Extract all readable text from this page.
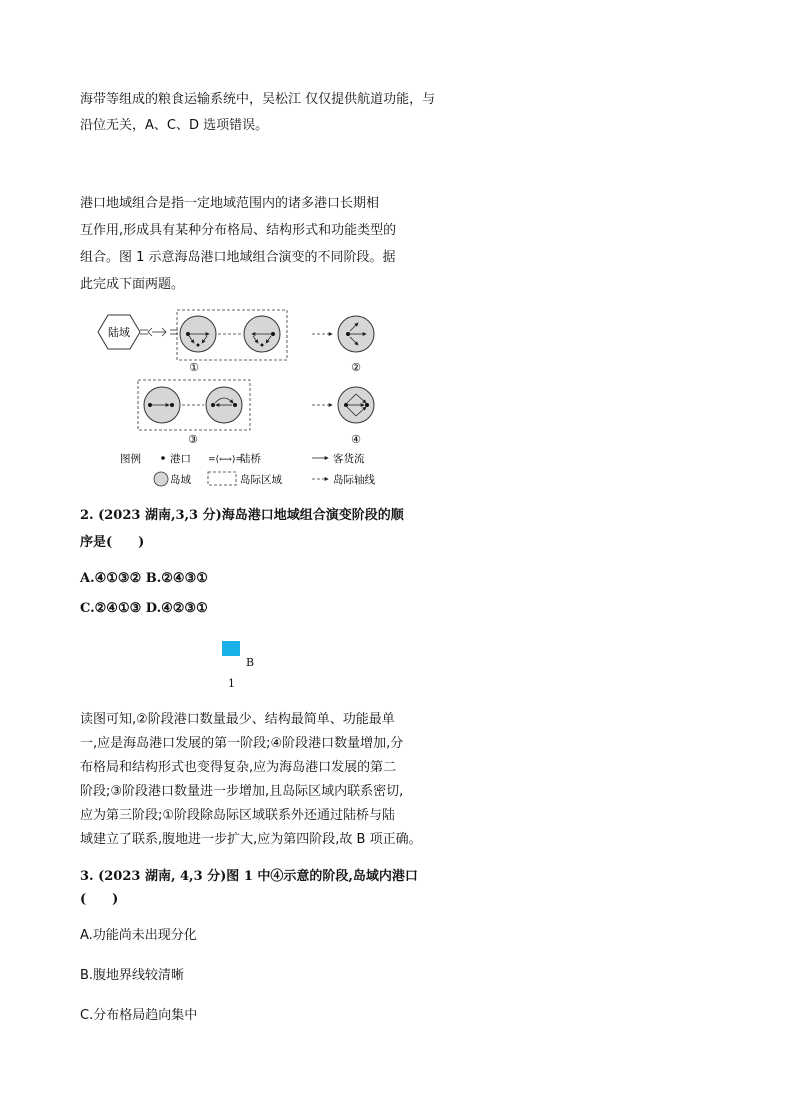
海带等组成的粮食运输系统中，吴松江 仅仅提供航道功能，与
沿位无关，A、C、D 选项错误。
港口地域组合是指一定地域范围内的诸多港口长期相
互作用,形成具有某种分布格局、结构形式和功能类型的
组合。图 1 示意海岛港口地域组合演变的不同阶段。据
此完成下面两题。
陆域
①	②
③	④
图例	港口 =⟨⟷⟩=
陆桥	客货流
岛域	岛际区域	岛际轴线
2. (2023 湖南,3,3 分)海岛港口地域组合演变阶段的顺
序是(　　)
A.④①③② B.②④③①
C.②④①③ D.④②③①
B
1
读图可知,②阶段港口数量最少、结构最简单、功能最单
一,应是海岛港口发展的第一阶段;④阶段港口数量增加,分
布格局和结构形式也变得复杂,应为海岛港口发展的第二
阶段;③阶段港口数量进一步增加,且岛际区域内联系密切,
应为第三阶段;①阶段除岛际区域联系外还通过陆桥与陆
域建立了联系,腹地进一步扩大,应为第四阶段,故 B 项正确。
3. (2023 湖南, 4,3 分)图 1 中④示意的阶段,岛域内港口
(　　)
A.功能尚未出现分化
B.腹地界线较清晰
C.分布格局趋向集中
